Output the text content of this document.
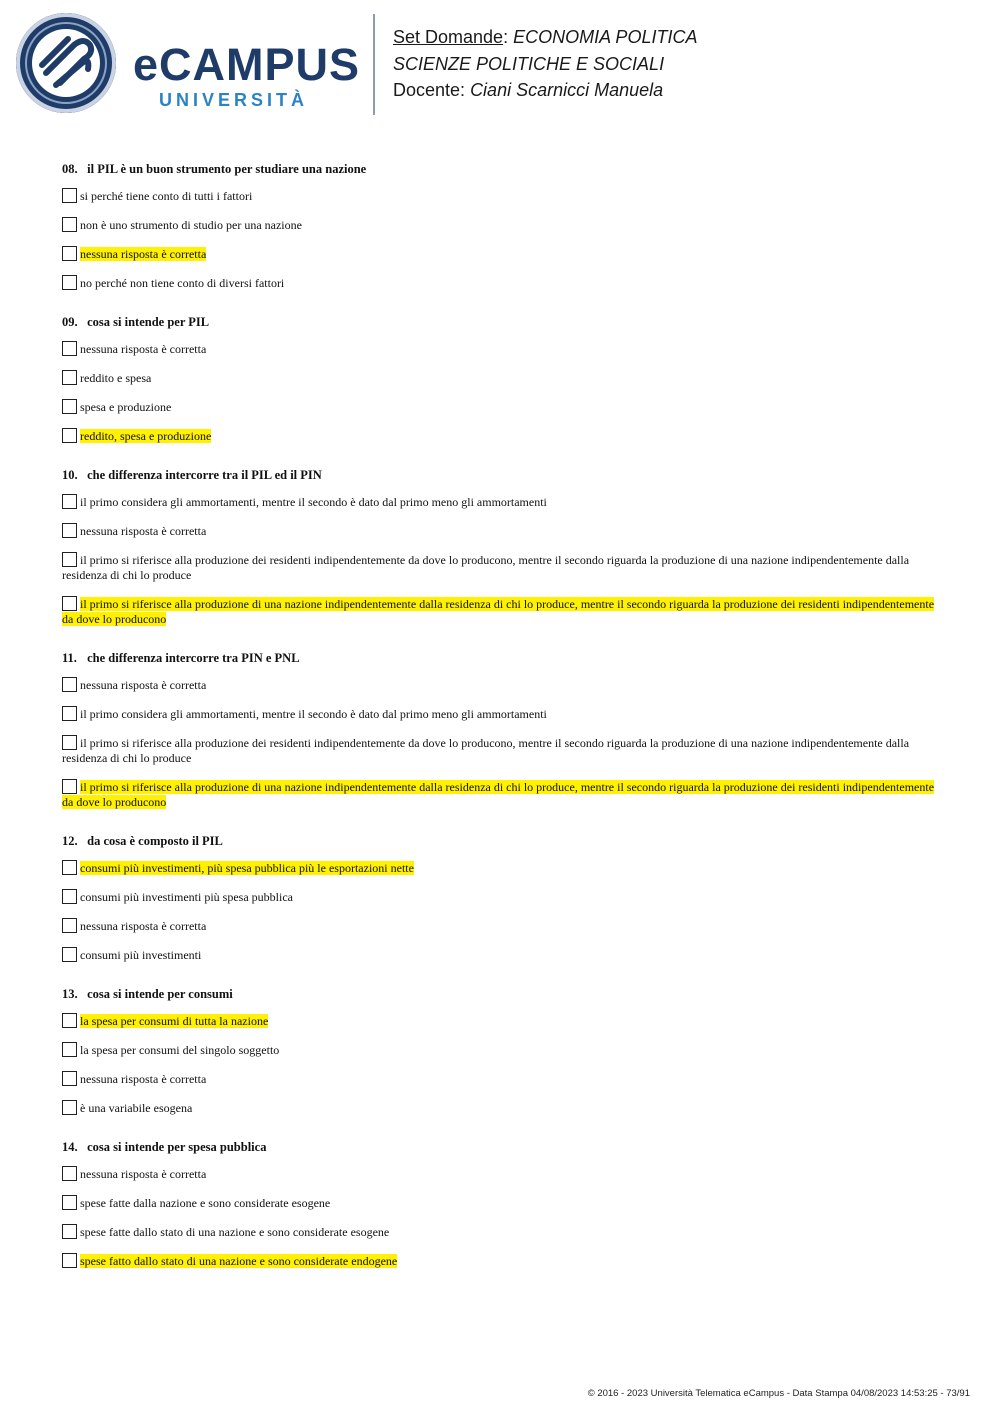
eCAMPUS
UNIVERSITÀ
Set Domande: ECONOMIA POLITICA
SCIENZE POLITICHE E SOCIALI
Docente: Ciani Scarnicci Manuela
08. il PIL è un buon strumento per studiare una nazione
si perché tiene conto di tutti i fattori
non è uno strumento di studio per una nazione
nessuna risposta è corretta
no perché non tiene conto di diversi fattori
09. cosa si intende per PIL
nessuna risposta è corretta
reddito e spesa
spesa e produzione
reddito, spesa e produzione
10. che differenza intercorre tra il PIL ed il PIN
il primo considera gli ammortamenti, mentre il secondo è dato dal primo meno gli ammortamenti
nessuna risposta è corretta
il primo si riferisce alla produzione dei residenti indipendentemente da dove lo producono, mentre il secondo riguarda la produzione di una nazione indipendentemente dalla residenza di chi lo produce
il primo si riferisce alla produzione di una nazione indipendentemente dalla residenza di chi lo produce, mentre il secondo riguarda la produzione dei residenti indipendentemente da dove lo producono
11. che differenza intercorre tra PIN e PNL
nessuna risposta è corretta
il primo considera gli ammortamenti, mentre il secondo è dato dal primo meno gli ammortamenti
il primo si riferisce alla produzione dei residenti indipendentemente da dove lo producono, mentre il secondo riguarda la produzione di una nazione indipendentemente dalla residenza di chi lo produce
il primo si riferisce alla produzione di una nazione indipendentemente dalla residenza di chi lo produce, mentre il secondo riguarda la produzione dei residenti indipendentemente da dove lo producono
12. da cosa è composto il PIL
consumi più investimenti, più spesa pubblica più le esportazioni nette
consumi più investimenti più spesa pubblica
nessuna risposta è corretta
consumi più investimenti
13. cosa si intende per consumi
la spesa per consumi di tutta la nazione
la spesa per consumi del singolo soggetto
nessuna risposta è corretta
è una variabile esogena
14. cosa si intende per spesa pubblica
nessuna risposta è corretta
spese fatte dalla nazione e sono considerate esogene
spese fatte dallo stato di una nazione e sono considerate esogene
spese fatto dallo stato di una nazione e sono considerate endogene
© 2016 - 2023 Università Telematica eCampus - Data Stampa 04/08/2023 14:53:25 - 73/91
